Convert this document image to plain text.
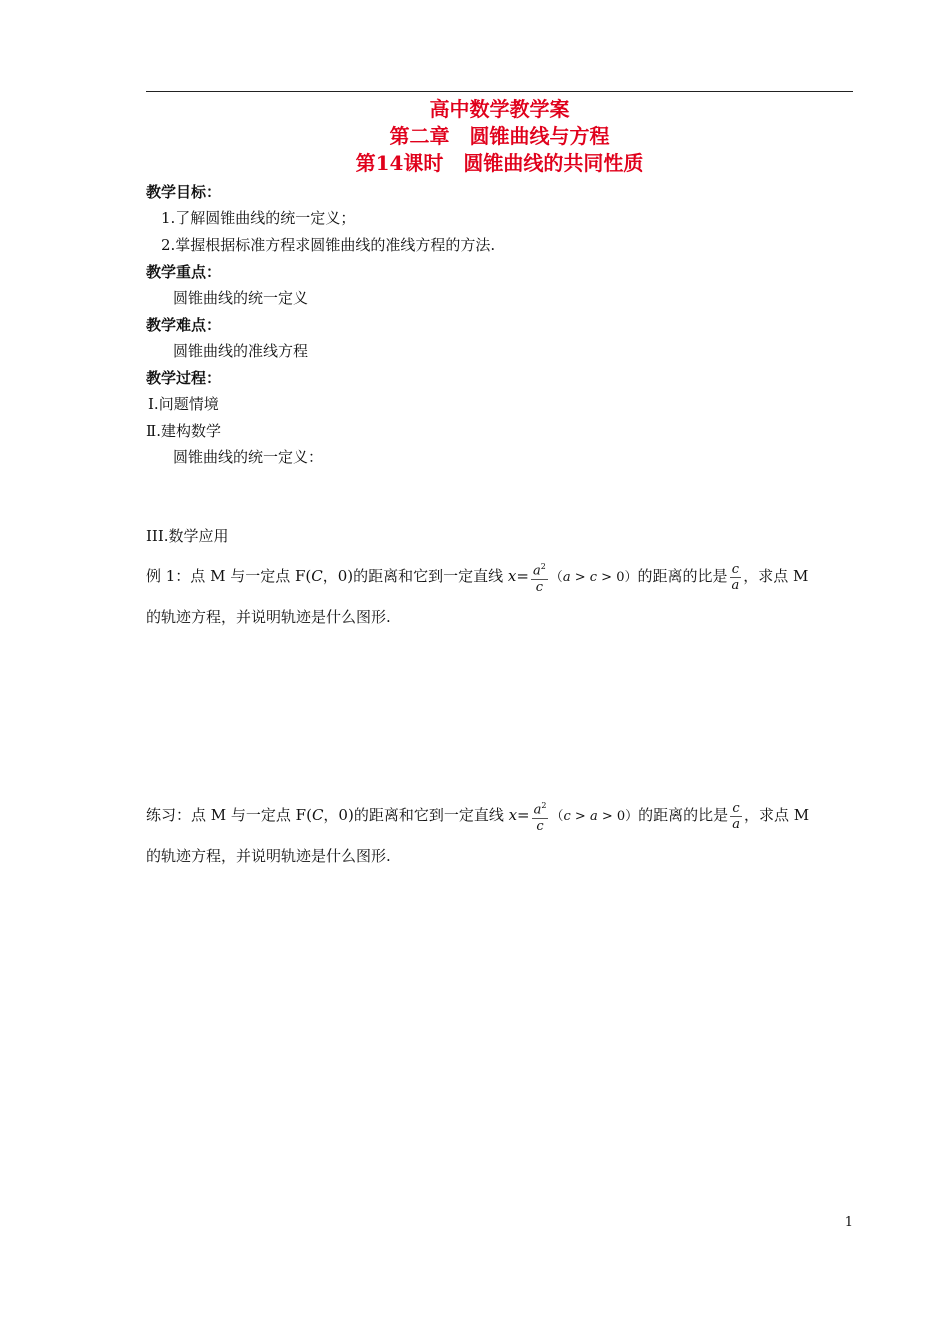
高中数学教学案
第二章　圆锥曲线与方程
第14课时　圆锥曲线的共同性质
教学目标：
1.了解圆锥曲线的统一定义；
2.掌握根据标准方程求圆锥曲线的准线方程的方法.
教学重点：
圆锥曲线的统一定义
教学难点：
圆锥曲线的准线方程
教学过程：
Ⅰ.问题情境
Ⅱ.建构数学
圆锥曲线的统一定义：
III.数学应用
例 1：点 M 与一定点 F(C，0)的距离和它到一定直线 $x= \frac{a^2}{c} (a > c > 0)$的距离的比是 $\frac{c}{a}$ ，求点 M
的轨迹方程，并说明轨迹是什么图形.
练习：点 M 与一定点 F(C，0)的距离和它到一定直线 $x= \frac{a^2}{c} (c > a > 0)$的距离的比是 $\frac{c}{a}$ ，求点 M
的轨迹方程，并说明轨迹是什么图形.
1
